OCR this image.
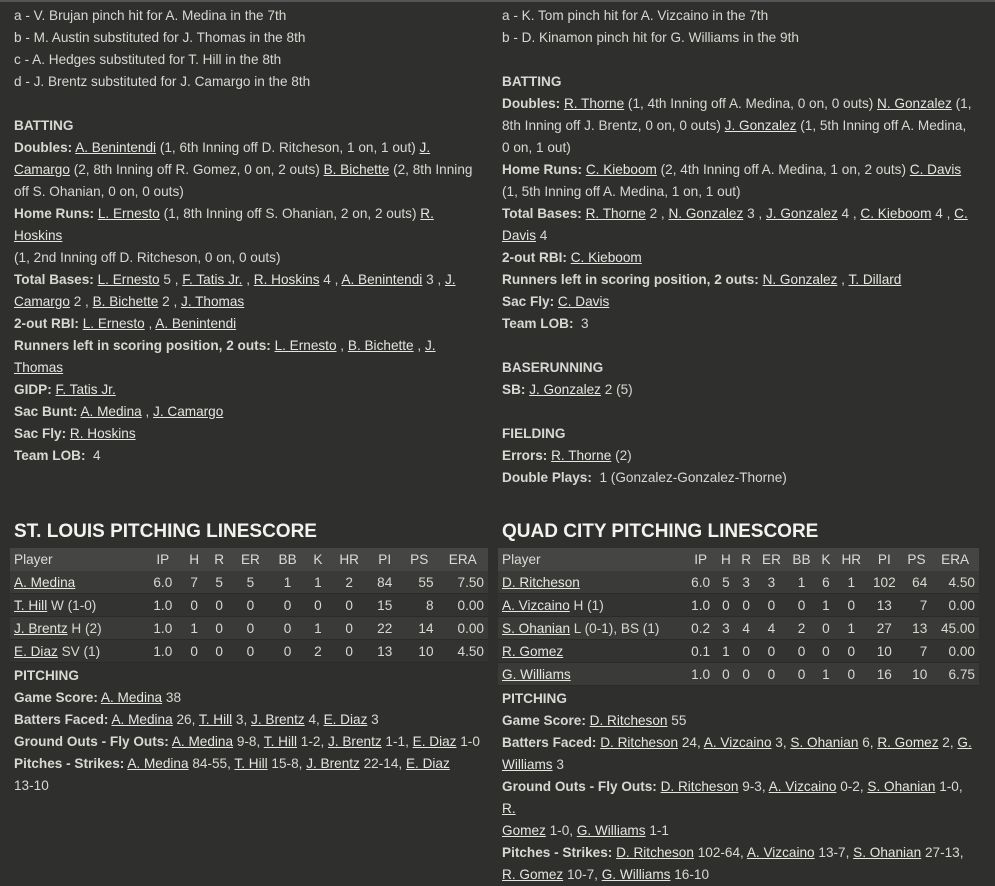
a - V. Brujan pinch hit for A. Medina in the 7th

b - M. Austin substituted for J. Thomas in the 8th

c - A. Hedges substituted for T. Hill in the 8th

d - J. Brentz substituted for J. Camargo in the 8th

BATTING

Doubles: A. Benintendi (1, 6th Inning off D. Ritcheson, 1 on, 1 out) J.

Camargo (2, 8th Inning off R. Gomez, 0 on, 2 outs) B. Bichette (2, 8th Inning

off S. Ohanian, 0 on, 0 outs)

Home Runs: L. Ernesto (1, 8th Inning off S. Ohanian, 2 on, 2 outs) R. Hoskins

(1, 2nd Inning off D. Ritcheson, 0 on, 0 outs)

Total Bases: L. Ernesto 5 , F. Tatis Jr. , R. Hoskins 4 , A. Benintendi 3 , J.

Camargo 2 , B. Bichette 2 , J. Thomas

2-out RBI: L. Ernesto , A. Benintendi

Runners left in scoring position, 2 outs: L. Ernesto , B. Bichette , J. Thomas

GIDP: F. Tatis Jr.

Sac Bunt: A. Medina , J. Camargo

Sac Fly: R. Hoskins

Team LOB:  4

ST. LOUIS PITCHING LINESCORE

Player	IP	H	R	ER	BB	K	HR	PI	PS	ERA
A. Medina	6.0	7	5	5	1	1	2	84	55	7.50
T. Hill W (1-0)	1.0	0	0	0	0	0	0	15	8	0.00
J. Brentz H (2)	1.0	1	0	0	0	1	0	22	14	0.00
E. Diaz SV (1)	1.0	0	0	0	0	2	0	13	10	4.50

PITCHING

Game Score: A. Medina 38

Batters Faced: A. Medina 26, T. Hill 3, J. Brentz 4, E. Diaz 3

Ground Outs - Fly Outs: A. Medina 9-8, T. Hill 1-2, J. Brentz 1-1, E. Diaz 1-0

Pitches - Strikes: A. Medina 84-55, T. Hill 15-8, J. Brentz 22-14, E. Diaz

13-10

a - K. Tom pinch hit for A. Vizcaino in the 7th

b - D. Kinamon pinch hit for G. Williams in the 9th

BATTING

Doubles: R. Thorne (1, 4th Inning off A. Medina, 0 on, 0 outs) N. Gonzalez (1,

8th Inning off J. Brentz, 0 on, 0 outs) J. Gonzalez (1, 5th Inning off A. Medina,

0 on, 1 out)

Home Runs: C. Kieboom (2, 4th Inning off A. Medina, 1 on, 2 outs) C. Davis

(1, 5th Inning off A. Medina, 1 on, 1 out)

Total Bases: R. Thorne 2 , N. Gonzalez 3 , J. Gonzalez 4 , C. Kieboom 4 , C.

Davis 4

2-out RBI: C. Kieboom

Runners left in scoring position, 2 outs: N. Gonzalez , T. Dillard

Sac Fly: C. Davis

Team LOB:  3

BASERUNNING

SB: J. Gonzalez 2 (5)

FIELDING

Errors: R. Thorne (2)

Double Plays:  1 (Gonzalez-Gonzalez-Thorne)

QUAD CITY PITCHING LINESCORE

Player	IP	H	R	ER	BB	K	HR	PI	PS	ERA
D. Ritcheson	6.0	5	3	3	1	6	1	102	64	4.50
A. Vizcaino H (1)	1.0	0	0	0	0	1	0	13	7	0.00
S. Ohanian L (0-1), BS (1)	0.2	3	4	4	2	0	1	27	13	45.00
R. Gomez	0.1	1	0	0	0	0	0	10	7	0.00
G. Williams	1.0	0	0	0	0	1	0	16	10	6.75

PITCHING

Game Score: D. Ritcheson 55

Batters Faced: D. Ritcheson 24, A. Vizcaino 3, S. Ohanian 6, R. Gomez 2, G.

Williams 3

Ground Outs - Fly Outs: D. Ritcheson 9-3, A. Vizcaino 0-2, S. Ohanian 1-0, R.

Gomez 1-0, G. Williams 1-1

Pitches - Strikes: D. Ritcheson 102-64, A. Vizcaino 13-7, S. Ohanian 27-13,

R. Gomez 10-7, G. Williams 16-10
